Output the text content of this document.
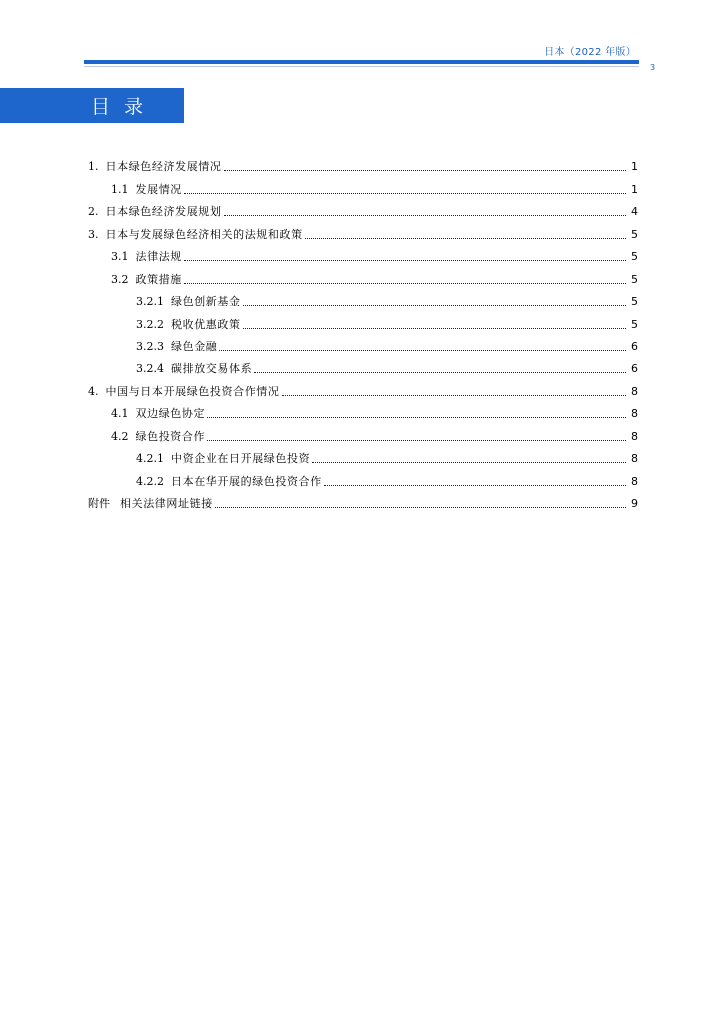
日本（2022 年版）
3
目录
1. 日本绿色经济发展情况	1
1.1 发展情况	1
2. 日本绿色经济发展规划	4
3. 日本与发展绿色经济相关的法规和政策	5
3.1 法律法规	5
3.2 政策措施	5
3.2.1 绿色创新基金	5
3.2.2 税收优惠政策	5
3.2.3 绿色金融	6
3.2.4 碳排放交易体系	6
4. 中国与日本开展绿色投资合作情况	8
4.1 双边绿色协定	8
4.2 绿色投资合作	8
4.2.1 中资企业在日开展绿色投资	8
4.2.2 日本在华开展的绿色投资合作	8
附件 相关法律网址链接	9
